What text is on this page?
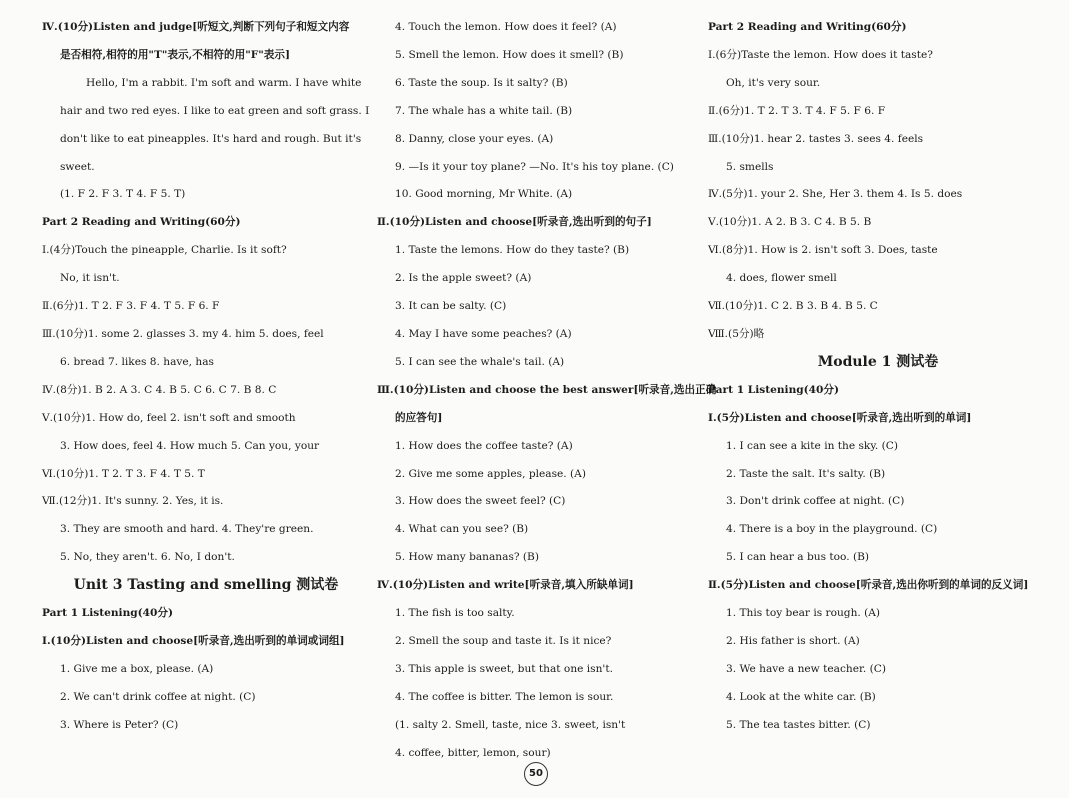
Ⅳ.(10分)Listen and judge[听短文,判断下列句子和短文内容
是否相符,相符的用"T"表示,不相符的用"F"表示]
Hello, I'm a rabbit. I'm soft and warm. I have white
hair and two red eyes. I like to eat green and soft grass. I
don't like to eat pineapples. It's hard and rough. But it's
sweet.
(1. F 2. F 3. T 4. F 5. T)
Part 2 Reading and Writing(60分)
Ⅰ.(4分)Touch the pineapple, Charlie. Is it soft?
No, it isn't.
Ⅱ.(6分)1. T 2. F 3. F 4. T 5. F 6. F
Ⅲ.(10分)1. some 2. glasses 3. my 4. him 5. does, feel
6. bread 7. likes 8. have, has
Ⅳ.(8分)1. B 2. A 3. C 4. B 5. C 6. C 7. B 8. C
Ⅴ.(10分)1. How do, feel 2. isn't soft and smooth
3. How does, feel 4. How much 5. Can you, your
Ⅵ.(10分)1. T 2. T 3. F 4. T 5. T
Ⅶ.(12分)1. It's sunny. 2. Yes, it is.
3. They are smooth and hard. 4. They're green.
5. No, they aren't. 6. No, I don't.
Unit 3 Tasting and smelling 测试卷
Part 1 Listening(40分)
Ⅰ.(10分)Listen and choose[听录音,选出听到的单词或词组]
1. Give me a box, please. (A)
2. We can't drink coffee at night. (C)
3. Where is Peter? (C)
4. Touch the lemon. How does it feel? (A)
5. Smell the lemon. How does it smell? (B)
6. Taste the soup. Is it salty? (B)
7. The whale has a white tail. (B)
8. Danny, close your eyes. (A)
9. —Is it your toy plane? —No. It's his toy plane. (C)
10. Good morning, Mr White. (A)
Ⅱ.(10分)Listen and choose[听录音,选出听到的句子]
1. Taste the lemons. How do they taste? (B)
2. Is the apple sweet? (A)
3. It can be salty. (C)
4. May I have some peaches? (A)
5. I can see the whale's tail. (A)
Ⅲ.(10分)Listen and choose the best answer[听录音,选出正确
的应答句]
1. How does the coffee taste? (A)
2. Give me some apples, please. (A)
3. How does the sweet feel? (C)
4. What can you see? (B)
5. How many bananas? (B)
Ⅳ.(10分)Listen and write[听录音,填入所缺单词]
1. The fish is too salty.
2. Smell the soup and taste it. Is it nice?
3. This apple is sweet, but that one isn't.
4. The coffee is bitter. The lemon is sour.
(1. salty 2. Smell, taste, nice 3. sweet, isn't
4. coffee, bitter, lemon, sour)
Part 2 Reading and Writing(60分)
Ⅰ.(6分)Taste the lemon. How does it taste?
Oh, it's very sour.
Ⅱ.(6分)1. T 2. T 3. T 4. F 5. F 6. F
Ⅲ.(10分)1. hear 2. tastes 3. sees 4. feels
5. smells
Ⅳ.(5分)1. your 2. She, Her 3. them 4. Is 5. does
Ⅴ.(10分)1. A 2. B 3. C 4. B 5. B
Ⅵ.(8分)1. How is 2. isn't soft 3. Does, taste
4. does, flower smell
Ⅶ.(10分)1. C 2. B 3. B 4. B 5. C
Ⅷ.(5分)略
Module 1 测试卷
Part 1 Listening(40分)
Ⅰ.(5分)Listen and choose[听录音,选出听到的单词]
1. I can see a kite in the sky. (C)
2. Taste the salt. It's salty. (B)
3. Don't drink coffee at night. (C)
4. There is a boy in the playground. (C)
5. I can hear a bus too. (B)
Ⅱ.(5分)Listen and choose[听录音,选出你听到的单词的反义词]
1. This toy bear is rough. (A)
2. His father is short. (A)
3. We have a new teacher. (C)
4. Look at the white car. (B)
5. The tea tastes bitter. (C)
50
